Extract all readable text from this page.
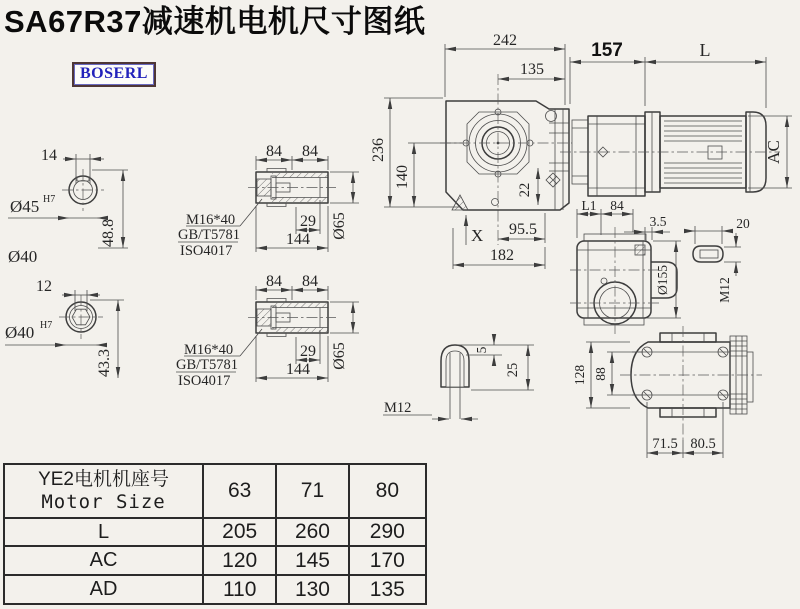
SA67R37减速机电机尺寸图纸
BOSERL
14
Ø45 H7
48.8
Ø40
12
Ø40 H7
43.3
84 84
M16*40
GB/T5781
ISO4017
29
144 Ø65
84 84
M16*40
GB/T5781
ISO4017
29
144 Ø65
242
135
236
140
22
X 95.5
182
157	L
AC
L1 84
3.5
Ø155
20
M12
5
25
M12
128 88
71.5 80.5
YE2电机机座号
Motor Size	63	71	80
L	205	260	290
AC	120	145	170
AD	110	130	135
